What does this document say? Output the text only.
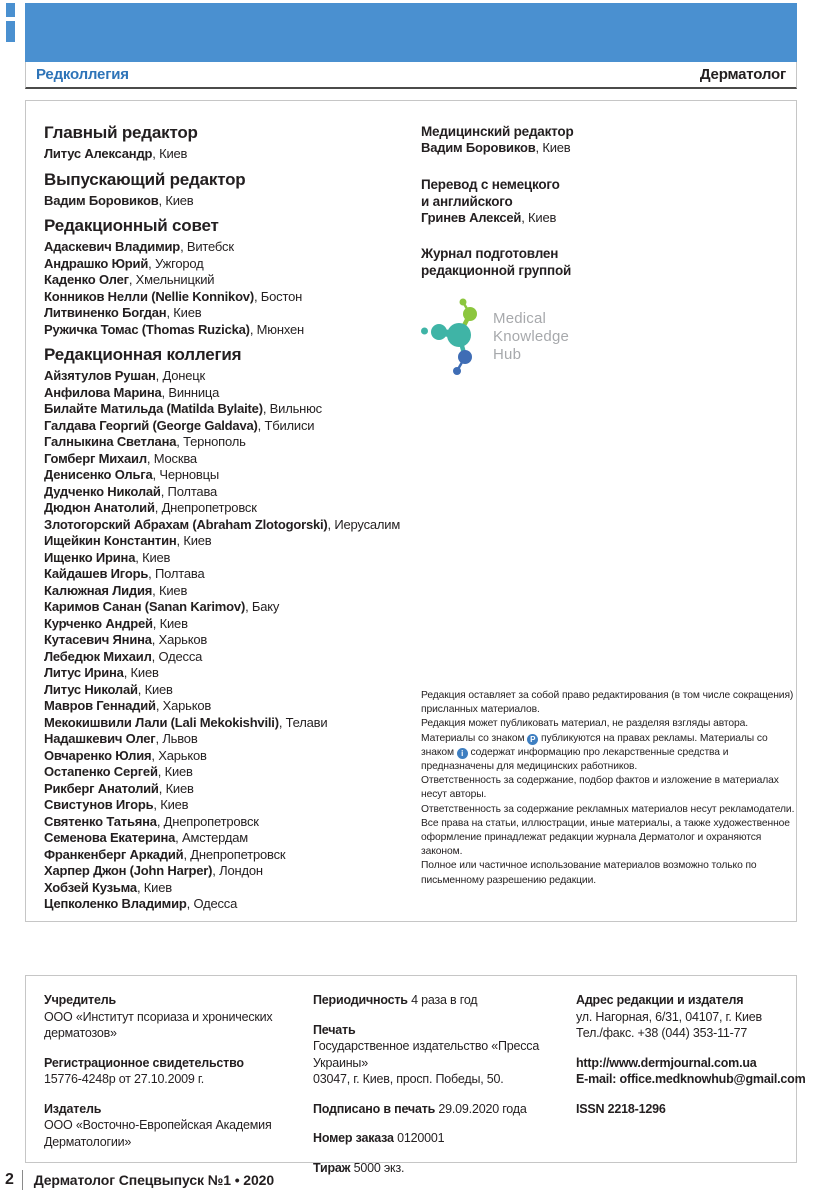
Редколлегия	Дерматолог
Главный редактор
Литус Александр , Киев
Выпускающий редактор
Вадим Боровиков , Киев
Редакционный совет
Адаскевич Владимир , Витебск
Андрашко Юрий , Ужгород
Каденко Олег , Хмельницкий
Конников Нелли (Nellie Konnikov) , Бостон
Литвиненко Богдан , Киев
Ружичка Томас (Thomas Ruzicka) , Мюнхен
Редакционная коллегия
Айзятулов Рушан , Донецк
Анфилова Марина , Винница
Билайте Матильда (Matilda Bylaite) , Вильнюс
Галдава Георгий (George Galdava) , Тбилиси
Галныкина Светлана , Тернополь
Гомберг Михаил , Москва
Денисенко Ольга , Черновцы
Дудченко Николай , Полтава
Дюдюн Анатолий , Днепропетровск
Злотогорский Абрахам (Abraham Zlotogorski) , Иерусалим
Ищейкин Константин , Киев
Ищенко Ирина , Киев
Кайдашев Игорь , Полтава
Калюжная Лидия , Киев
Каримов Санан (Sanan Karimov) , Баку
Курченко Андрей , Киев
Кутасевич Янина , Харьков
Лебедюк Михаил , Одесса
Литус Ирина , Киев
Литус Николай , Киев
Мавров Геннадий , Харьков
Мекокишвили Лали (Lali Mekokishvili) , Телави
Надашкевич Олег , Львов
Овчаренко Юлия , Харьков
Остапенко Сергей , Киев
Рикберг Анатолий , Киев
Свистунов Игорь , Киев
Святенко Татьяна , Днепропетровск
Семенова Екатерина , Амстердам
Франкенберг Аркадий , Днепропетровск
Харпер Джон (John Harper) , Лондон
Хобзей Кузьма , Киев
Цепколенко Владимир , Одесса
Медицинский редактор
Вадим Боровиков , Киев
Перевод с немецкого
и английского
Гринев Алексей , Киев
Журнал подготовлен
редакционной группой
Medical
Knowledge
Hub
Редакция оставляет за собой право редактирования (в том числе сокращения) присланных материалов.
Редакция может публиковать материал, не разделяя взгляды автора.
Материалы со знаком P публикуются на правах рекламы. Материалы со знаком i содержат информацию про лекарственные средства и предназначены для медицинских работников.
Ответственность за содержание, подбор фактов и изложение в материалах несут авторы.
Ответственность за содержание рекламных материалов несут рекламодатели.
Все права на статьи, иллюстрации, иные материалы, а также художественное оформление принадлежат редакции журнала Дерматолог и охраняются законом.
Полное или частичное использование материалов возможно только по письменному разрешению редакции.
Учредитель
ООО «Институт псориаза и хронических дерматозов»
Регистрационное свидетельство
15776-4248р от 27.10.2009 г.
Издатель
ООО «Восточно-Европейская Академия
Дерматологии»
Периодичность 4 раза в год
Печать
Государственное издательство «Пресса Украины»
03047, г. Киев, просп. Победы, 50.
Подписано в печать 29.09.2020 года
Номер заказа 0120001
Тираж 5000 экз.
Адрес редакции и издателя
ул. Нагорная, 6/31, 04107, г. Киев
Тел./факс. +38 (044) 353-11-77
http://www.dermjournal.com.ua
E-mail: office.medknowhub@gmail.com
ISSN 2218-1296
2	Дерматолог Спецвыпуск №1 • 2020
